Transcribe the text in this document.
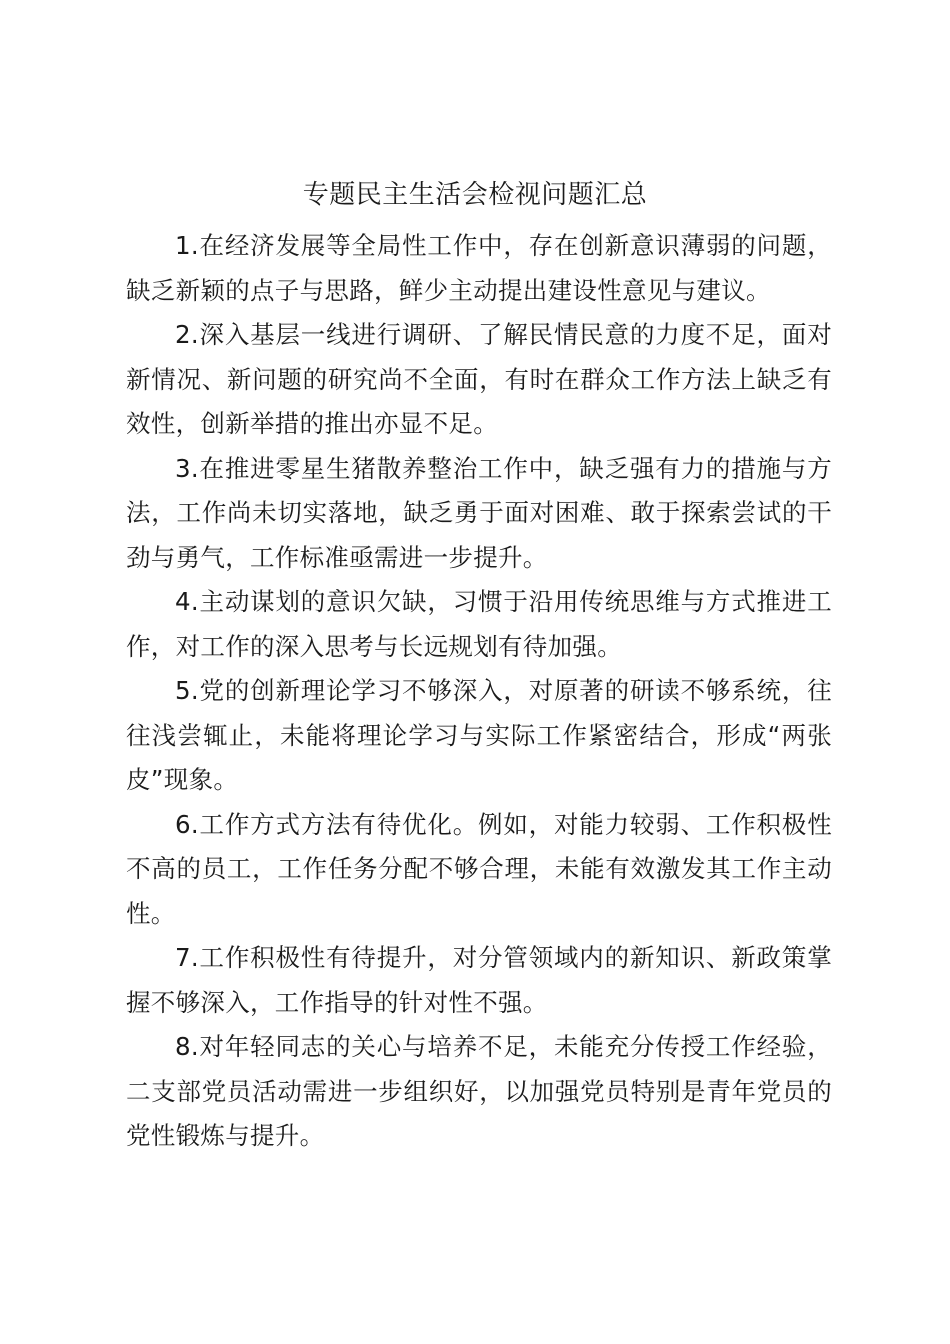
专题民主生活会检视问题汇总

1.在经济发展等全局性工作中，存在创新意识薄弱的问题，缺乏新颖的点子与思路，鲜少主动提出建设性意见与建议。

2.深入基层一线进行调研、了解民情民意的力度不足，面对新情况、新问题的研究尚不全面，有时在群众工作方法上缺乏有效性，创新举措的推出亦显不足。

3.在推进零星生猪散养整治工作中，缺乏强有力的措施与方法，工作尚未切实落地，缺乏勇于面对困难、敢于探索尝试的干劲与勇气，工作标准亟需进一步提升。

4.主动谋划的意识欠缺，习惯于沿用传统思维与方式推进工作，对工作的深入思考与长远规划有待加强。

5.党的创新理论学习不够深入，对原著的研读不够系统，往往浅尝辄止，未能将理论学习与实际工作紧密结合，形成“两张皮”现象。

6.工作方式方法有待优化。例如，对能力较弱、工作积极性不高的员工，工作任务分配不够合理，未能有效激发其工作主动性。

7.工作积极性有待提升，对分管领域内的新知识、新政策掌握不够深入，工作指导的针对性不强。

8.对年轻同志的关心与培养不足，未能充分传授工作经验，二支部党员活动需进一步组织好，以加强党员特别是青年党员的党性锻炼与提升。
